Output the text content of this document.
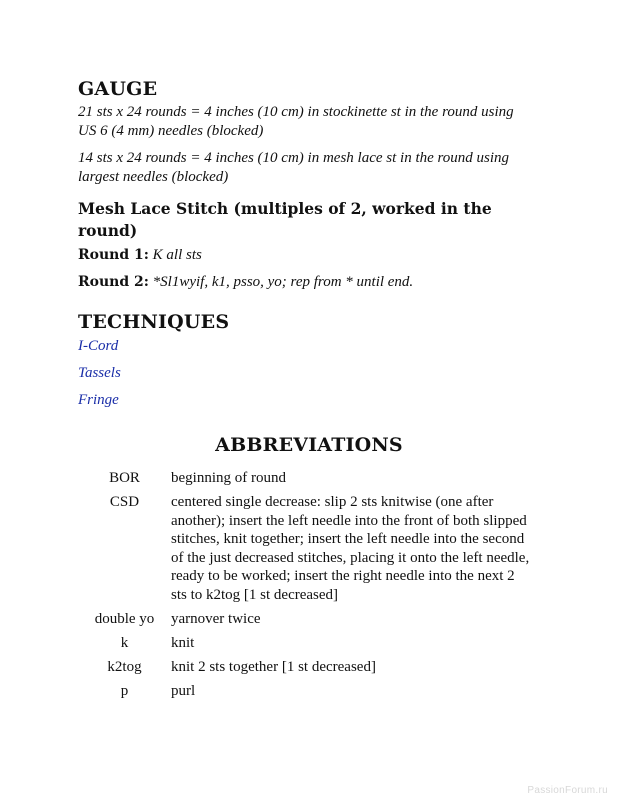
GAUGE

21 sts x 24 rounds = 4 inches (10 cm) in stockinette st in the round using US 6 (4 mm) needles (blocked)

14 sts x 24 rounds = 4 inches (10 cm) in mesh lace st in the round using largest needles (blocked)

Mesh Lace Stitch (multiples of 2, worked in the round)

Round 1: K all sts

Round 2: *Sl1wyif, k1, psso, yo; rep from * until end.

TECHNIQUES
I-Cord
Tassels
Fringe
ABBREVIATIONS
BOR	beginning of round
CSD	centered single decrease: slip 2 sts knitwise (one after another); insert the left needle into the front of both slipped stitches, knit together; insert the left needle into the second of the just decreased stitches, placing it onto the left needle, ready to be worked; insert the right needle into the next 2 sts to k2tog [1 st decreased]
double yo	yarnover twice
k	knit
k2tog	knit 2 sts together [1 st decreased]
p	purl
PassionForum.ru
